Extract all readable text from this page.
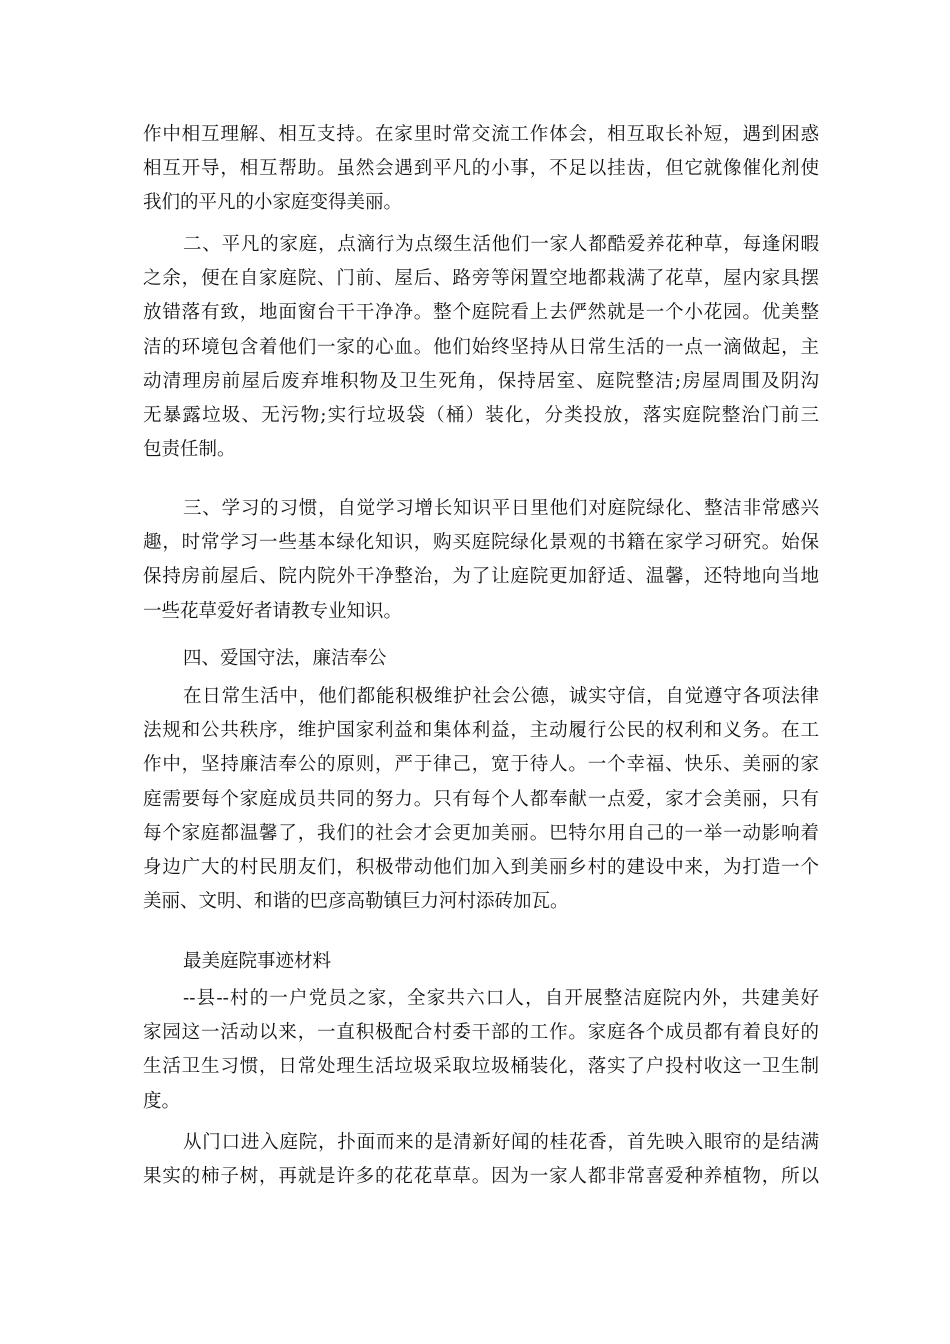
作中相互理解、相互支持。在家里时常交流工作体会，相互取长补短，遇到困惑
相互开导，相互帮助。虽然会遇到平凡的小事，不足以挂齿，但它就像催化剂使
我们的平凡的小家庭变得美丽。
二、平凡的家庭，点滴行为点缀生活他们一家人都酷爱养花种草，每逢闲暇
之余，便在自家庭院、门前、屋后、路旁等闲置空地都栽满了花草，屋内家具摆
放错落有致，地面窗台干干净净。整个庭院看上去俨然就是一个小花园。优美整
洁的环境包含着他们一家的心血。他们始终坚持从日常生活的一点一滴做起，主
动清理房前屋后废弃堆积物及卫生死角，保持居室、庭院整洁;房屋周围及阴沟
无暴露垃圾、无污物;实行垃圾袋（桶）装化，分类投放，落实庭院整治门前三
包责任制。
三、学习的习惯，自觉学习增长知识平日里他们对庭院绿化、整洁非常感兴
趣，时常学习一些基本绿化知识，购买庭院绿化景观的书籍在家学习研究。始保
保持房前屋后、院内院外干净整治，为了让庭院更加舒适、温馨，还特地向当地
一些花草爱好者请教专业知识。
四、爱国守法，廉洁奉公
在日常生活中，他们都能积极维护社会公德，诚实守信，自觉遵守各项法律
法规和公共秩序，维护国家利益和集体利益，主动履行公民的权利和义务。在工
作中，坚持廉洁奉公的原则，严于律己，宽于待人。一个幸福、快乐、美丽的家
庭需要每个家庭成员共同的努力。只有每个人都奉献一点爱，家才会美丽，只有
每个家庭都温馨了，我们的社会才会更加美丽。巴特尔用自己的一举一动影响着
身边广大的村民朋友们，积极带动他们加入到美丽乡村的建设中来，为打造一个
美丽、文明、和谐的巴彦高勒镇巨力河村添砖加瓦。
最美庭院事迹材料
--县--村的一户党员之家，全家共六口人，自开展整洁庭院内外，共建美好
家园这一活动以来，一直积极配合村委干部的工作。家庭各个成员都有着良好的
生活卫生习惯，日常处理生活垃圾采取垃圾桶装化，落实了户投村收这一卫生制
度。
从门口进入庭院，扑面而来的是清新好闻的桂花香，首先映入眼帘的是结满
果实的柿子树，再就是许多的花花草草。因为一家人都非常喜爱种养植物，所以
